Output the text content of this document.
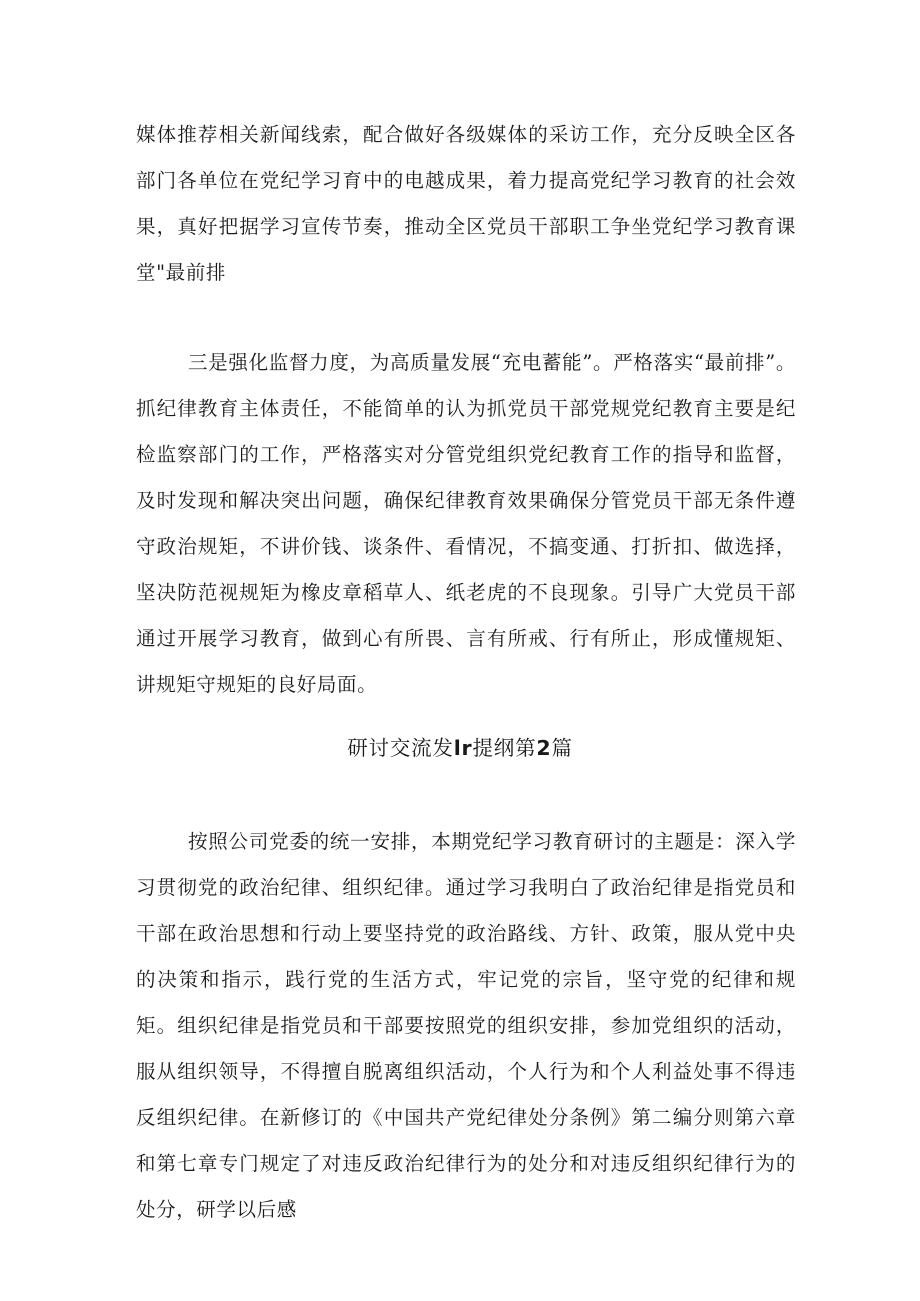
媒体推荐相关新闻线索，配合做好各级媒体的采访工作，充分反映全区各部门各单位在党纪学习育中的电越成果，着力提高党纪学习教育的社会效果，真好把据学习宣传节奏，推动全区党员干部职工争坐党纪学习教育课堂"最前排

三是强化监督力度，为高质量发展“充电蓄能”。严格落实“最前排”。抓纪律教育主体责任，不能简单的认为抓党员干部党规党纪教育主要是纪检监察部门的工作，严格落实对分管党组织党纪教育工作的指导和监督，及时发现和解决突出问题，确保纪律教育效果确保分管党员干部无条件遵守政治规矩，不讲价钱、谈条件、看情况，不搞变通、打折扣、做选择，坚决防范视规矩为橡皮章稻草人、纸老虎的不良现象。引导广大党员干部通过开展学习教育，做到心有所畏、言有所戒、行有所止，形成懂规矩、讲规矩守规矩的良好局面。

研讨交流发lr提纲第2篇

按照公司党委的统一安排，本期党纪学习教育研讨的主题是：深入学习贯彻党的政治纪律、组织纪律。通过学习我明白了政治纪律是指党员和干部在政治思想和行动上要坚持党的政治路线、方针、政策，服从党中央的决策和指示，践行党的生活方式，牢记党的宗旨，坚守党的纪律和规矩。组织纪律是指党员和干部要按照党的组织安排，参加党组织的活动，服从组织领导，不得擅自脱离组织活动，个人行为和个人利益处事不得违反组织纪律。在新修订的《中国共产党纪律处分条例》第二编分则第六章和第七章专门规定了对违反政治纪律行为的处分和对违反组织纪律行为的处分，研学以后感
